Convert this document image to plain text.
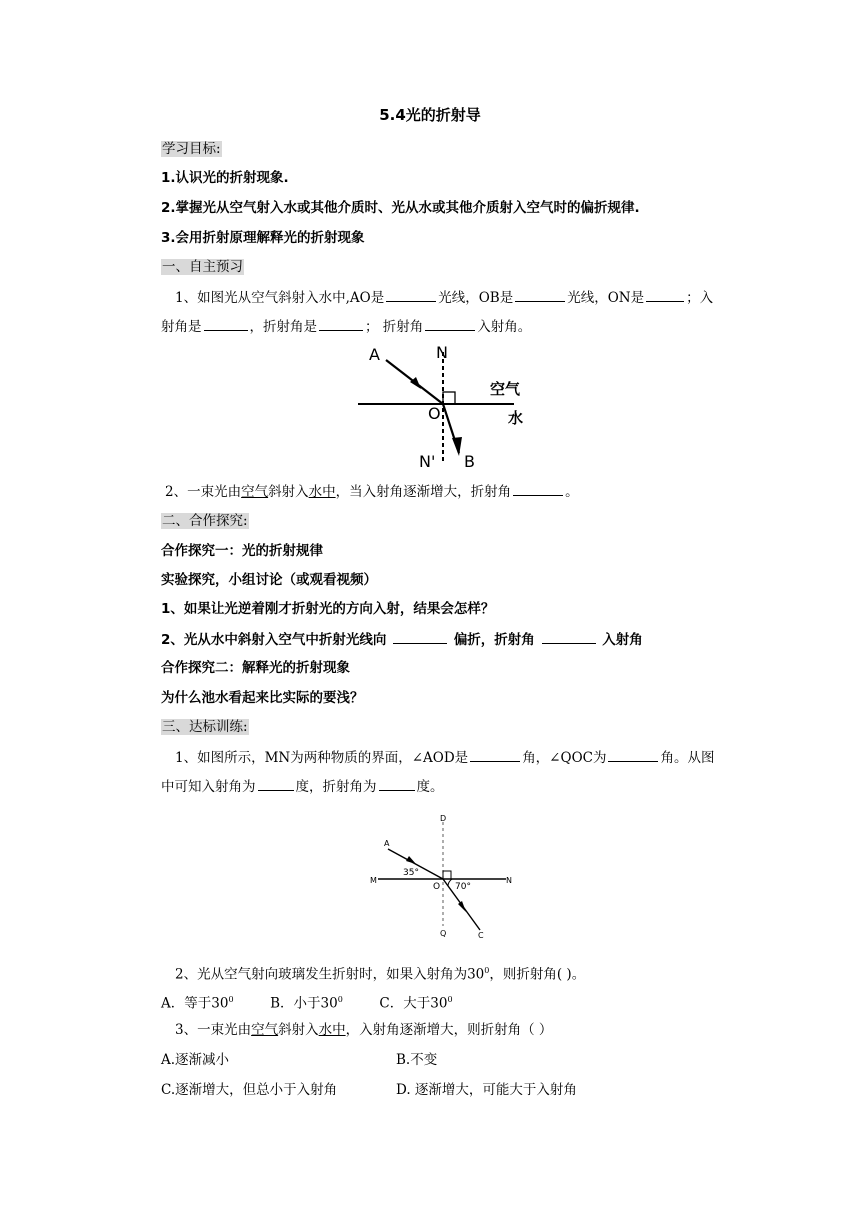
5.4光的折射导
学习目标:
1.认识光的折射现象.
2.掌握光从空气射入水或其他介质时、光从水或其他介质射入空气时的偏折规律.
3.会用折射原理解释光的折射现象
一、自主预习
1、如图光从空气斜射入水中,AO是	光线，OB是	光线，ON是	；入
射角是	，折射角是	； 折射角	入射角。
A	N
空气
O	水
N' B
2、一束光由空气斜射入水中，当入射角逐渐增大，折射角	。
二、合作探究:
合作探究一：光的折射规律
实验探究，小组讨论（或观看视频）
1、如果让光逆着刚才折射光的方向入射，结果会怎样？
2、光从水中斜射入空气中折射光线向	偏折，折射角	入射角
合作探究二：解释光的折射现象
为什么池水看起来比实际的要浅？
三、达标训练:
1、如图所示，MN为两种物质的界面，∠AOD是	角，∠QOC为	角。从图
中可知入射角为	度，折射角为	度。
D
A
M
35°
O 70°
N
Q	C
2、光从空气射向玻璃发生折射时，如果入射角为$30^0$，则折射角( )。
A．等于$30^0$	B．小于$30^0$	C．大于$30^0$
3、一束光由空气斜射入水中，入射角逐渐增大，则折射角（ ）
A.逐渐减小	B.不变
C.逐渐增大，但总小于入射角	D. 逐渐增大，可能大于入射角
